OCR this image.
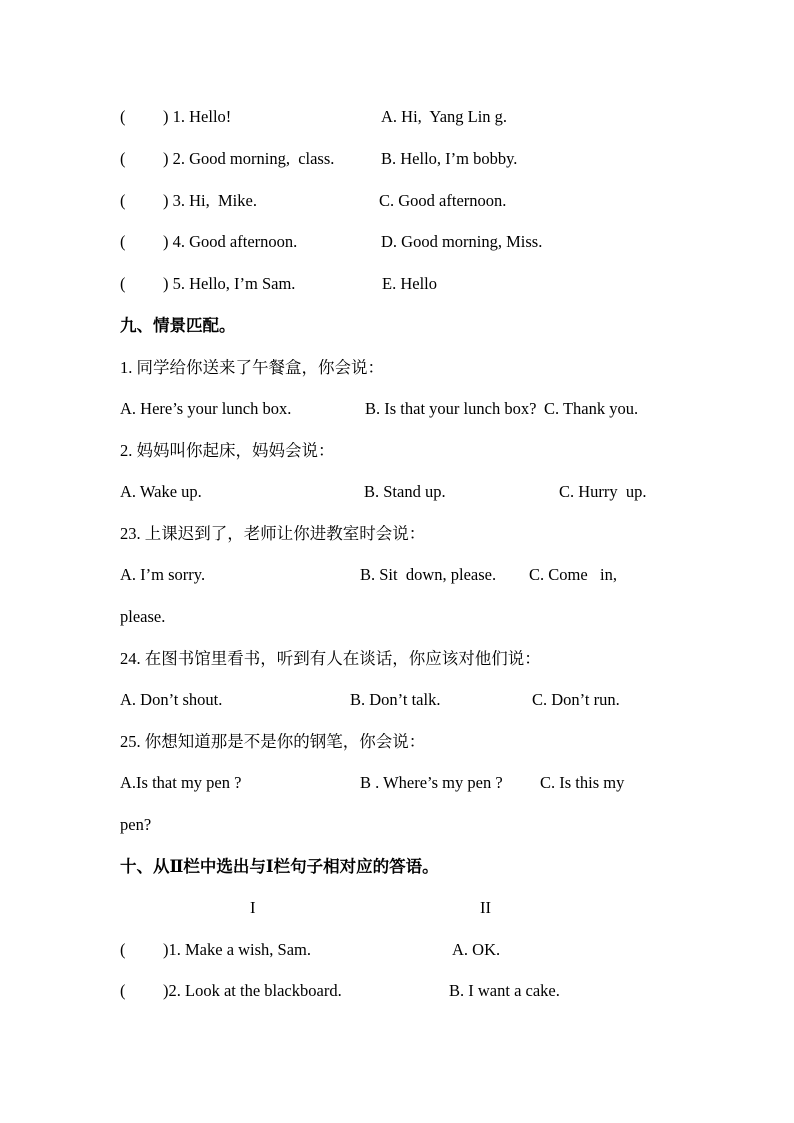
( ) 1. Hello!	A. Hi,  Yang Lin g.
( ) 2. Good morning,  class.	B. Hello, I’m bobby.
( ) 3. Hi,  Mike.	C. Good afternoon.
( ) 4. Good afternoon.	D. Good morning, Miss.
( ) 5. Hello, I’m Sam.	E. Hello
九、情景匹配。
1. 同学给你送来了午餐盒，你会说：
A. Here’s your lunch box.	B. Is that your lunch box? C. Thank you.
2. 妈妈叫你起床，妈妈会说：
A. Wake up.	B. Stand up.	C. Hurry  up.
23. 上课迟到了，老师让你进教室时会说：
A. I’m sorry.	B. Sit  down, please. C. Come   in,
please.
24. 在图书馆里看书，听到有人在谈话，你应该对他们说：
A. Don’t shout.	B. Don’t talk.	C. Don’t run.
25. 你想知道那是不是你的钢笔，你会说：
A.Is that my pen ?	B . Where’s my pen ? C. Is this my
pen?
十、从Ⅱ栏中选出与Ⅰ栏句子相对应的答语。
I	II
( )1. Make a wish, Sam.	A. OK.
( )2. Look at the blackboard.	B. I want a cake.
